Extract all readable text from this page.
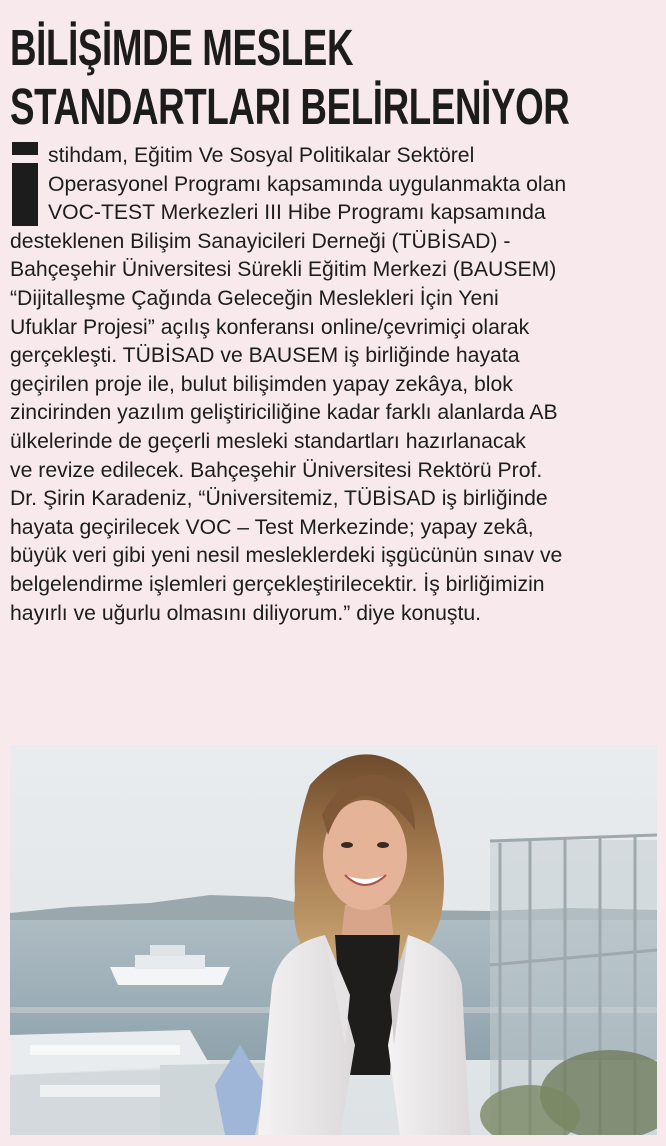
BİLİŞİMDE MESLEK
STANDARTLARI BELİRLENİYOR
stihdam, Eğitim Ve Sosyal Politikalar Sektörel
Operasyonel Programı kapsamında uygulanmakta olan
VOC-TEST Merkezleri III Hibe Programı kapsamında
desteklenen Bilişim Sanayicileri Derneği (TÜBİSAD) -
Bahçeşehir Üniversitesi Sürekli Eğitim Merkezi (BAUSEM)
“Dijitalleşme Çağında Geleceğin Meslekleri İçin Yeni
Ufuklar Projesi” açılış konferansı online/çevrimiçi olarak
gerçekleşti. TÜBİSAD ve BAUSEM iş birliğinde hayata
geçirilen proje ile, bulut bilişimden yapay zekâya, blok
zincirinden yazılım geliştiriciliğine kadar farklı alanlarda AB
ülkelerinde de geçerli mesleki standartları hazırlanacak
ve revize edilecek. Bahçeşehir Üniversitesi Rektörü Prof.
Dr. Şirin Karadeniz, “Üniversitemiz, TÜBİSAD iş birliğinde
hayata geçirilecek VOC – Test Merkezinde; yapay zekâ,
büyük veri gibi yeni nesil mesleklerdeki işgücünün sınav ve
belgelendirme işlemleri gerçekleştirilecektir. İş birliğimizin
hayırlı ve uğurlu olmasını diliyorum.” diye konuştu.
